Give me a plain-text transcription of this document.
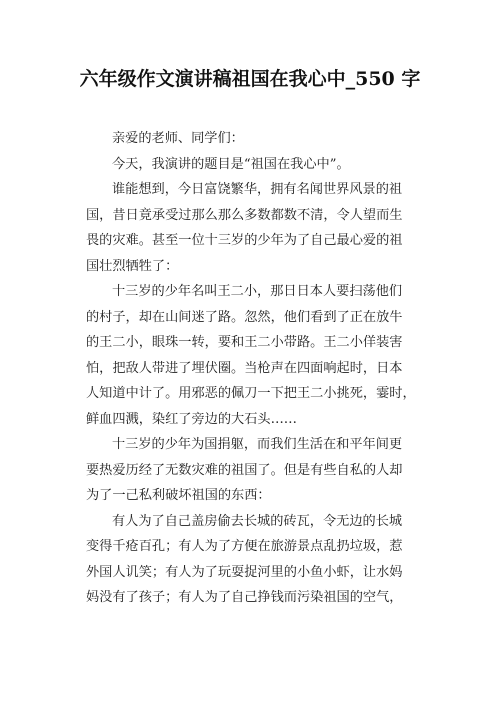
六年级作文演讲稿祖国在我心中_550 字
亲爱的老师、同学们：
今天，我演讲的题目是“祖国在我心中”。
谁能想到，今日富饶繁华，拥有名闻世界风景的祖
国，昔日竟承受过那么那么多数都数不清，令人望而生
畏的灾难。甚至一位十三岁的少年为了自己最心爱的祖
国壮烈牺牲了：
十三岁的少年名叫王二小，那日日本人要扫荡他们
的村子，却在山间迷了路。忽然，他们看到了正在放牛
的王二小，眼珠一转，要和王二小带路。王二小佯装害
怕，把敌人带进了埋伏圈。当枪声在四面响起时，日本
人知道中计了。用邪恶的佩刀一下把王二小挑死，霎时，
鲜血四溅，染红了旁边的大石头……
十三岁的少年为国捐躯，而我们生活在和平年间更
要热爱历经了无数灾难的祖国了。但是有些自私的人却
为了一己私利破坏祖国的东西：
有人为了自己盖房偷去长城的砖瓦，令无边的长城
变得千疮百孔；有人为了方便在旅游景点乱扔垃圾，惹
外国人讥笑；有人为了玩耍捉河里的小鱼小虾，让水妈
妈没有了孩子；有人为了自己挣钱而污染祖国的空气，
